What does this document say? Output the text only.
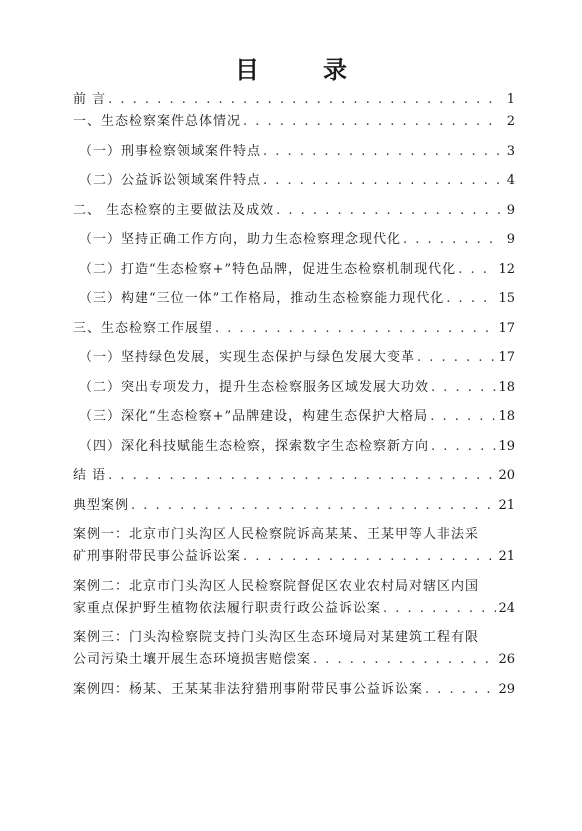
目　录
前 言 . . .	1
一、生态检察案件总体情况 . . .	2
（一）刑事检察领域案件特点 . . .	3
（二）公益诉讼领域案件特点 . . .	4
二、 生态检察的主要做法及成效 . . .	9
（一）坚持正确工作方向，助力生态检察理念现代化 . . .	9
（二）打造“生态检察+”特色品牌，促进生态检察机制现代化 . . .	12
（三）构建“三位一体”工作格局，推动生态检察能力现代化 . . .	15
三、生态检察工作展望 . . .	17
（一）坚持绿色发展，实现生态保护与绿色发展大变革 . . .	17
（二）突出专项发力，提升生态检察服务区域发展大功效 . . .	18
（三）深化“生态检察+”品牌建设，构建生态保护大格局 . . .	18
（四）深化科技赋能生态检察，探索数字生态检察新方向 . . .	19
结 语 . . .	20
典型案例 . . .	21
案例一：北京市门头沟区人民检察院诉高某某、王某甲等人非法采
矿刑事附带民事公益诉讼案 . . .	21
案例二：北京市门头沟区人民检察院督促区农业农村局对辖区内国
家重点保护野生植物依法履行职责行政公益诉讼案 . . .	24
案例三：门头沟检察院支持门头沟区生态环境局对某建筑工程有限
公司污染土壤开展生态环境损害赔偿案 . . .	26
案例四：杨某、王某某非法狩猎刑事附带民事公益诉讼案 . . .	29
